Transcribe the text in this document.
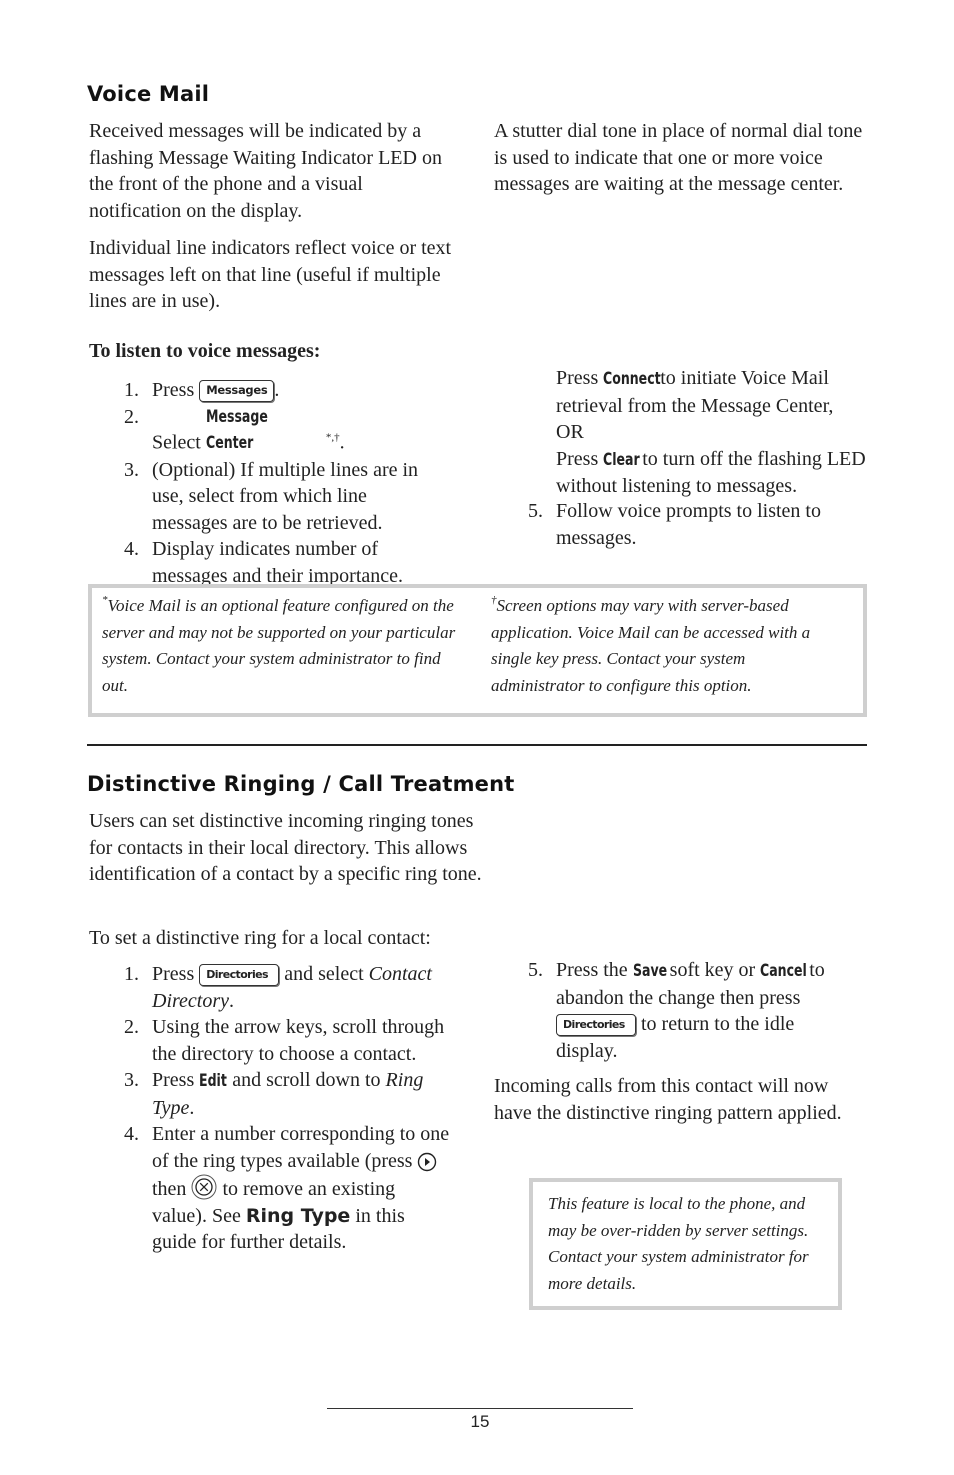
Voice Mail

Received messages will be indicated by a flashing Message Waiting Indicator LED on the front of the phone and a visual notification on the display.

Individual line indicators reflect voice or text messages left on that line (useful if multiple lines are in use).

A stutter dial tone in place of normal dial tone is used to indicate that one or more voice messages are waiting at the message center.

To listen to voice messages:
1. Press Messages .
2.
Select Message Center	*,†.
3. (Optional) If multiple lines are in use, select from which line messages are to be retrieved.
4. Display indicates number of messages and their importance.
Press Connect to initiate Voice Mail retrieval from the Message Center,
OR
Press Clear to turn off the flashing LED without listening to messages.
5. Follow voice prompts to listen to messages.

*Voice Mail is an optional feature configured on the server and may not be supported on your particular system. Contact your system administrator to find out.
†Screen options may vary with server-based application. Voice Mail can be accessed with a single key press. Contact your system administrator to configure this option.
Distinctive Ringing / Call Treatment

Users can set distinctive incoming ringing tones for contacts in their local directory. This allows identification of a contact by a specific ring tone.

To set a distinctive ring for a local contact:

1. Press Directories and select Contact Directory.
2. Using the arrow keys, scroll through the directory to choose a contact.
3. Press Edit and scroll down to Ring Type.
4. Enter a number corresponding to one of the ring types available (press  then to remove an existing value). See Ring Type in this guide for further details.
5. Press the Save soft key or Cancel to abandon the change then press Directories to return to the idle display.

Incoming calls from this contact will now have the distinctive ringing pattern applied.

This feature is local to the phone, and may be over-ridden by server settings. Contact your system administrator for more details.
15
